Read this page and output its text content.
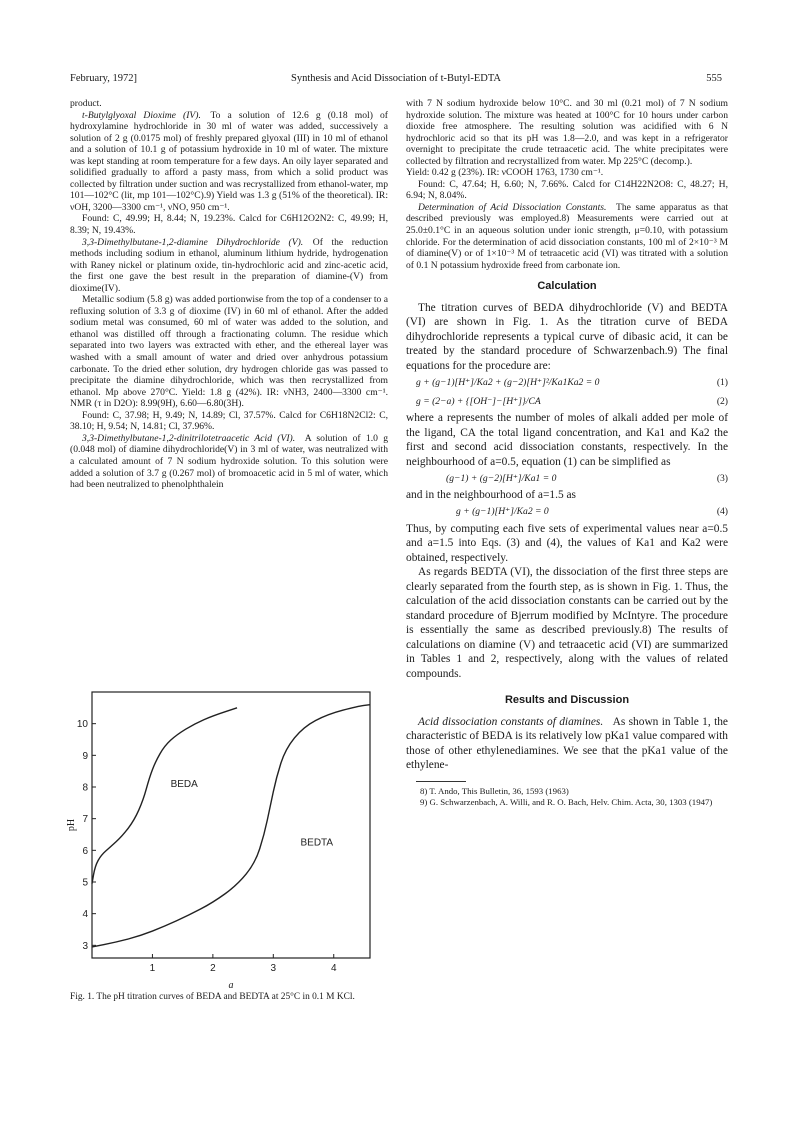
February, 1972]	Synthesis and Acid Dissociation of t-Butyl-EDTA	555

product.

t-Butylglyoxal Dioxime (IV).  To a solution of 12.6 g (0.18 mol) of hydroxylamine hydrochloride in 30 ml of water was added, successively a solution of 2 g (0.0175 mol) of freshly prepared glyoxal (III) in 10 ml of ethanol and a solution of 10.1 g of potassium hydroxide in 10 ml of water. The mixture was kept standing at room temperature for a few days. An oily layer separated and solidified gradually to afford a pasty mass, from which a solid product was collected by filtration under suction and was recrystallized from ethanol-water, mp 101—102°C (lit, mp 101—102°C).9) Yield was 1.3 g (51% of the theoretical). IR: νOH, 3200—3300 cm⁻¹, νNO, 950 cm⁻¹.

Found: C, 49.99; H, 8.44; N, 19.23%. Calcd for C6H12O2N2: C, 49.99; H, 8.39; N, 19.43%.

3,3-Dimethylbutane-1,2-diamine Dihydrochloride (V).  Of the reduction methods including sodium in ethanol, aluminum lithium hydride, hydrogenation with Raney nickel or platinum oxide, tin-hydrochloric acid and zinc-acetic acid, the first one gave the best result in the preparation of diamine-(V) from dioxime(IV).

Metallic sodium (5.8 g) was added portionwise from the top of a condenser to a refluxing solution of 3.3 g of dioxime (IV) in 60 ml of ethanol. After the added sodium metal was consumed, 60 ml of water was added to the solution, and ethanol was distilled off through a fractionating column. The residue which separated into two layers was extracted with ether, and the ethereal layer was washed with a small amount of water and dried over anhydrous potassium carbonate. To the dried ether solution, dry hydrogen chloride gas was passed to precipitate the diamine dihydrochloride, which was then recrystallized from ethanol. Mp above 270°C. Yield: 1.8 g (42%). IR: νNH3, 2400—3300 cm⁻¹. NMR (τ in D2O): 8.99(9H), 6.60—6.80(3H).

Found: C, 37.98; H, 9.49; N, 14.89; Cl, 37.57%. Calcd for C6H18N2Cl2: C, 38.10; H, 9.54; N, 14.81; Cl, 37.96%.

3,3-Dimethylbutane-1,2-dinitrilotetraacetic Acid (VI).  A solution of 1.0 g (0.048 mol) of diamine dihydrochloride(V) in 3 ml of water, was neutralized with a calculated amount of 7 N sodium hydroxide solution. To this solution were added a solution of 3.7 g (0.267 mol) of bromoacetic acid in 5 ml of water, which had been neutralized to phenolphthalein

with 7 N sodium hydroxide below 10°C. and 30 ml (0.21 mol) of 7 N sodium hydroxide solution. The mixture was heated at 100°C for 10 hours under carbon dioxide free atmosphere. The resulting solution was acidified with 6 N hydrochloric acid so that its pH was 1.8—2.0, and was kept in a refrigerator overnight to precipitate the crude tetraacetic acid. The white precipitates were collected by filtration and recrystallized from water. Mp 225°C (decomp.).

Yield: 0.42 g (23%). IR: νCOOH 1763, 1730 cm⁻¹.

Found: C, 47.64; H, 6.60; N, 7.66%. Calcd for C14H22N2O8: C, 48.27; H, 6.94; N, 8.04%.

Determination of Acid Dissociation Constants.  The same apparatus as that described previously was employed.8) Measurements were carried out at 25.0±0.1°C in an aqueous solution under ionic strength, μ=0.10, with potassium chloride. For the determination of acid dissociation constants, 100 ml of 2×10⁻³ M of diamine(V) or of 1×10⁻³ M of tetraacetic acid (VI) was titrated with a solution of 0.1 N potassium hydroxide freed from carbonate ion.

Calculation

The titration curves of BEDA dihydrochloride (V) and BEDTA (VI) are shown in Fig. 1. As the titration curve of BEDA dihydrochloride represents a typical curve of dibasic acid, it can be treated by the standard procedure of Schwarzenbach.9) The final equations for the procedure are:

g + (g−1)[H⁺]/Ka2 + (g−2)[H⁺]²/Ka1Ka2 = 0	(1)
g = (2−a) + {[OH⁻]−[H⁺]}/CA	(2)

where a represents the number of moles of alkali added per mole of the ligand, CA the total ligand concentration, and Ka1 and Ka2 the first and second acid dissociation constants, respectively. In the neighbourhood of a=0.5, equation (1) can be simplified as

(g−1) + (g−2)[H⁺]/Ka1 = 0	(3)

and in the neighbourhood of a=1.5 as

g + (g−1)[H⁺]/Ka2 = 0	(4)

Thus, by computing each five sets of experimental values near a=0.5 and a=1.5 into Eqs. (3) and (4), the values of Ka1 and Ka2 were obtained, respectively.

As regards BEDTA (VI), the dissociation of the first three steps are clearly separated from the fourth step, as is shown in Fig. 1. Thus, the calculation of the acid dissociation constants can be carried out by the standard procedure of Bjerrum modified by McIntyre. The procedure is essentially the same as described previously.8) The results of calculations on diamine (V) and tetraacetic acid (VI) are summarized in Tables 1 and 2, respectively, along with the values of related compounds.

Results and Discussion

Acid dissociation constants of diamines. As shown in Table 1, the characteristic of BEDA is its relatively low pKa1 value compared with those of other ethylenediamines. We see that the pKa1 value of the ethylene-

8) T. Ando, This Bulletin, 36, 1593 (1963)
9) G. Schwarzenbach, A. Willi, and R. O. Bach, Helv. Chim. Acta, 30, 1303 (1947)
1	2	3	4
3
4
5
6
7
8
9
10
a
pH
BEDA
BEDTA
Fig. 1. The pH titration curves of BEDA and BEDTA at 25°C in 0.1 M KCl.
